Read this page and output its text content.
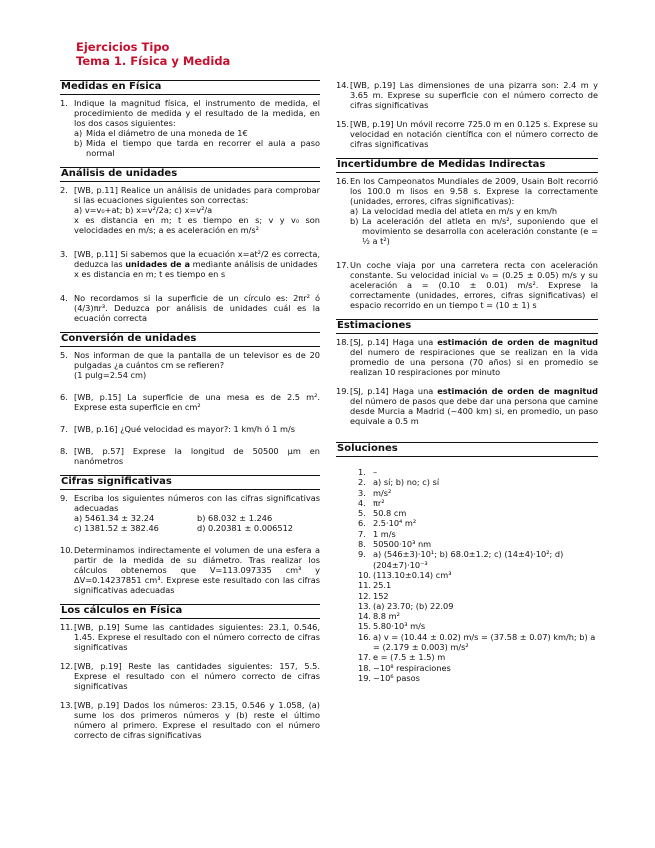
Ejercicios Tipo
Tema 1. Física y Medida
Medidas en Física
1. Indique la magnitud física, el instrumento de medida, el procedimiento de medida y el resultado de la medida, en los dos casos siguientes:
a) Mida el diámetro de una moneda de 1€
b) Mida el tiempo que tarda en recorrer el aula a paso normal
Análisis de unidades
2. [WB, p.11] Realice un análisis de unidades para comprobar si las ecuaciones siguientes son correctas:
a) v=v₀+at; b) x=v²/2a; c) x=v²/a
x es distancia en m; t es tiempo en s; v y v₀ son velocidades en m/s; a es aceleración en m/s²
3. [WB, p.11] Si sabemos que la ecuación x=at²/2 es correcta, deduzca las unidades de a mediante análisis de unidades
x es distancia en m; t es tiempo en s
4. No recordamos si la superficie de un círculo es: 2πr² ó (4/3)πr³. Deduzca por análisis de unidades cuál es la ecuación correcta
Conversión de unidades
5. Nos informan de que la pantalla de un televisor es de 20 pulgadas ¿a cuántos cm se refieren?
(1 pulg=2.54 cm)
6. [WB, p.15] La superficie de una mesa es de 2.5 m². Exprese esta superficie en cm²
7. [WB, p.16] ¿Qué velocidad es mayor?: 1 km/h ó 1 m/s
8. [WB, p.57] Exprese la longitud de 50500 μm en nanómetros
Cifras significativas
9. Escriba los siguientes números con las cifras significativas adecuadas
a) 5461.34 ± 32.24	b) 68.032 ± 1.246
c) 1381.52 ± 382.46	d) 0.20381 ± 0.006512
10. Determinamos indirectamente el volumen de una esfera a partir de la medida de su diámetro. Tras realizar los cálculos obtenemos que V=113.097335 cm³ y ΔV=0.14237851 cm³. Exprese este resultado con las cifras significativas adecuadas
Los cálculos en Física
11. [WB, p.19] Sume las cantidades siguientes: 23.1, 0.546, 1.45. Exprese el resultado con el número correcto de cifras significativas
12. [WB, p.19] Reste las cantidades siguientes: 157, 5.5. Exprese el resultado con el número correcto de cifras significativas
13. [WB, p.19] Dados los números: 23.15, 0.546 y 1.058, (a) sume los dos primeros números y (b) reste el último número al primero. Exprese el resultado con el número correcto de cifras significativas
14. [WB, p.19] Las dimensiones de una pizarra son: 2.4 m y 3.65 m. Exprese su superficie con el número correcto de cifras significativas
15. [WB, p.19] Un móvil recorre 725.0 m en 0.125 s. Exprese su velocidad en notación científica con el número correcto de cifras significativas
Incertidumbre de Medidas Indirectas
16. En los Campeonatos Mundiales de 2009, Usain Bolt recorrió los 100.0 m lisos en 9.58 s. Exprese la correctamente (unidades, errores, cifras significativas):
a) La velocidad media del atleta en m/s y en km/h
b) La aceleración del atleta en m/s², suponiendo que el movimiento se desarrolla con aceleración constante (e = ½ a t²)
17. Un coche viaja por una carretera recta con aceleración constante. Su velocidad inicial v₀ = (0.25 ± 0.05) m/s y su aceleración a = (0.10 ± 0.01) m/s². Exprese la correctamente (unidades, errores, cifras significativas) el espacio recorrido en un tiempo t = (10 ± 1) s
Estimaciones
18. [SJ, p.14] Haga una estimación de orden de magnitud del numero de respiraciones que se realizan en la vida promedio de una persona (70 años) si en promedio se realizan 10 respiraciones por minuto
19. [SJ, p.14] Haga una estimación de orden de magnitud del número de pasos que debe dar una persona que camine desde Murcia a Madrid (~400 km) si, en promedio, un paso equivale a 0.5 m
Soluciones
1. –
2. a) sí; b) no; c) sí
3. m/s²
4. πr²
5. 50.8 cm
6. 2.5·10⁴ m²
7. 1 m/s
8. 50500·10³ nm
9. a) (546±3)·10¹; b) 68.0±1.2; c) (14±4)·10²; d) (204±7)·10⁻³
10. (113.10±0.14) cm³
11. 25.1
12. 152
13. (a) 23.70; (b) 22.09
14. 8.8 m²
15. 5.80·10³ m/s
16. a) v = (10.44 ± 0.02) m/s = (37.58 ± 0.07) km/h; b) a = (2.179 ± 0.003) m/s²
17. e = (7.5 ± 1.5) m
18. ~10⁸ respiraciones
19. ~10⁶ pasos
